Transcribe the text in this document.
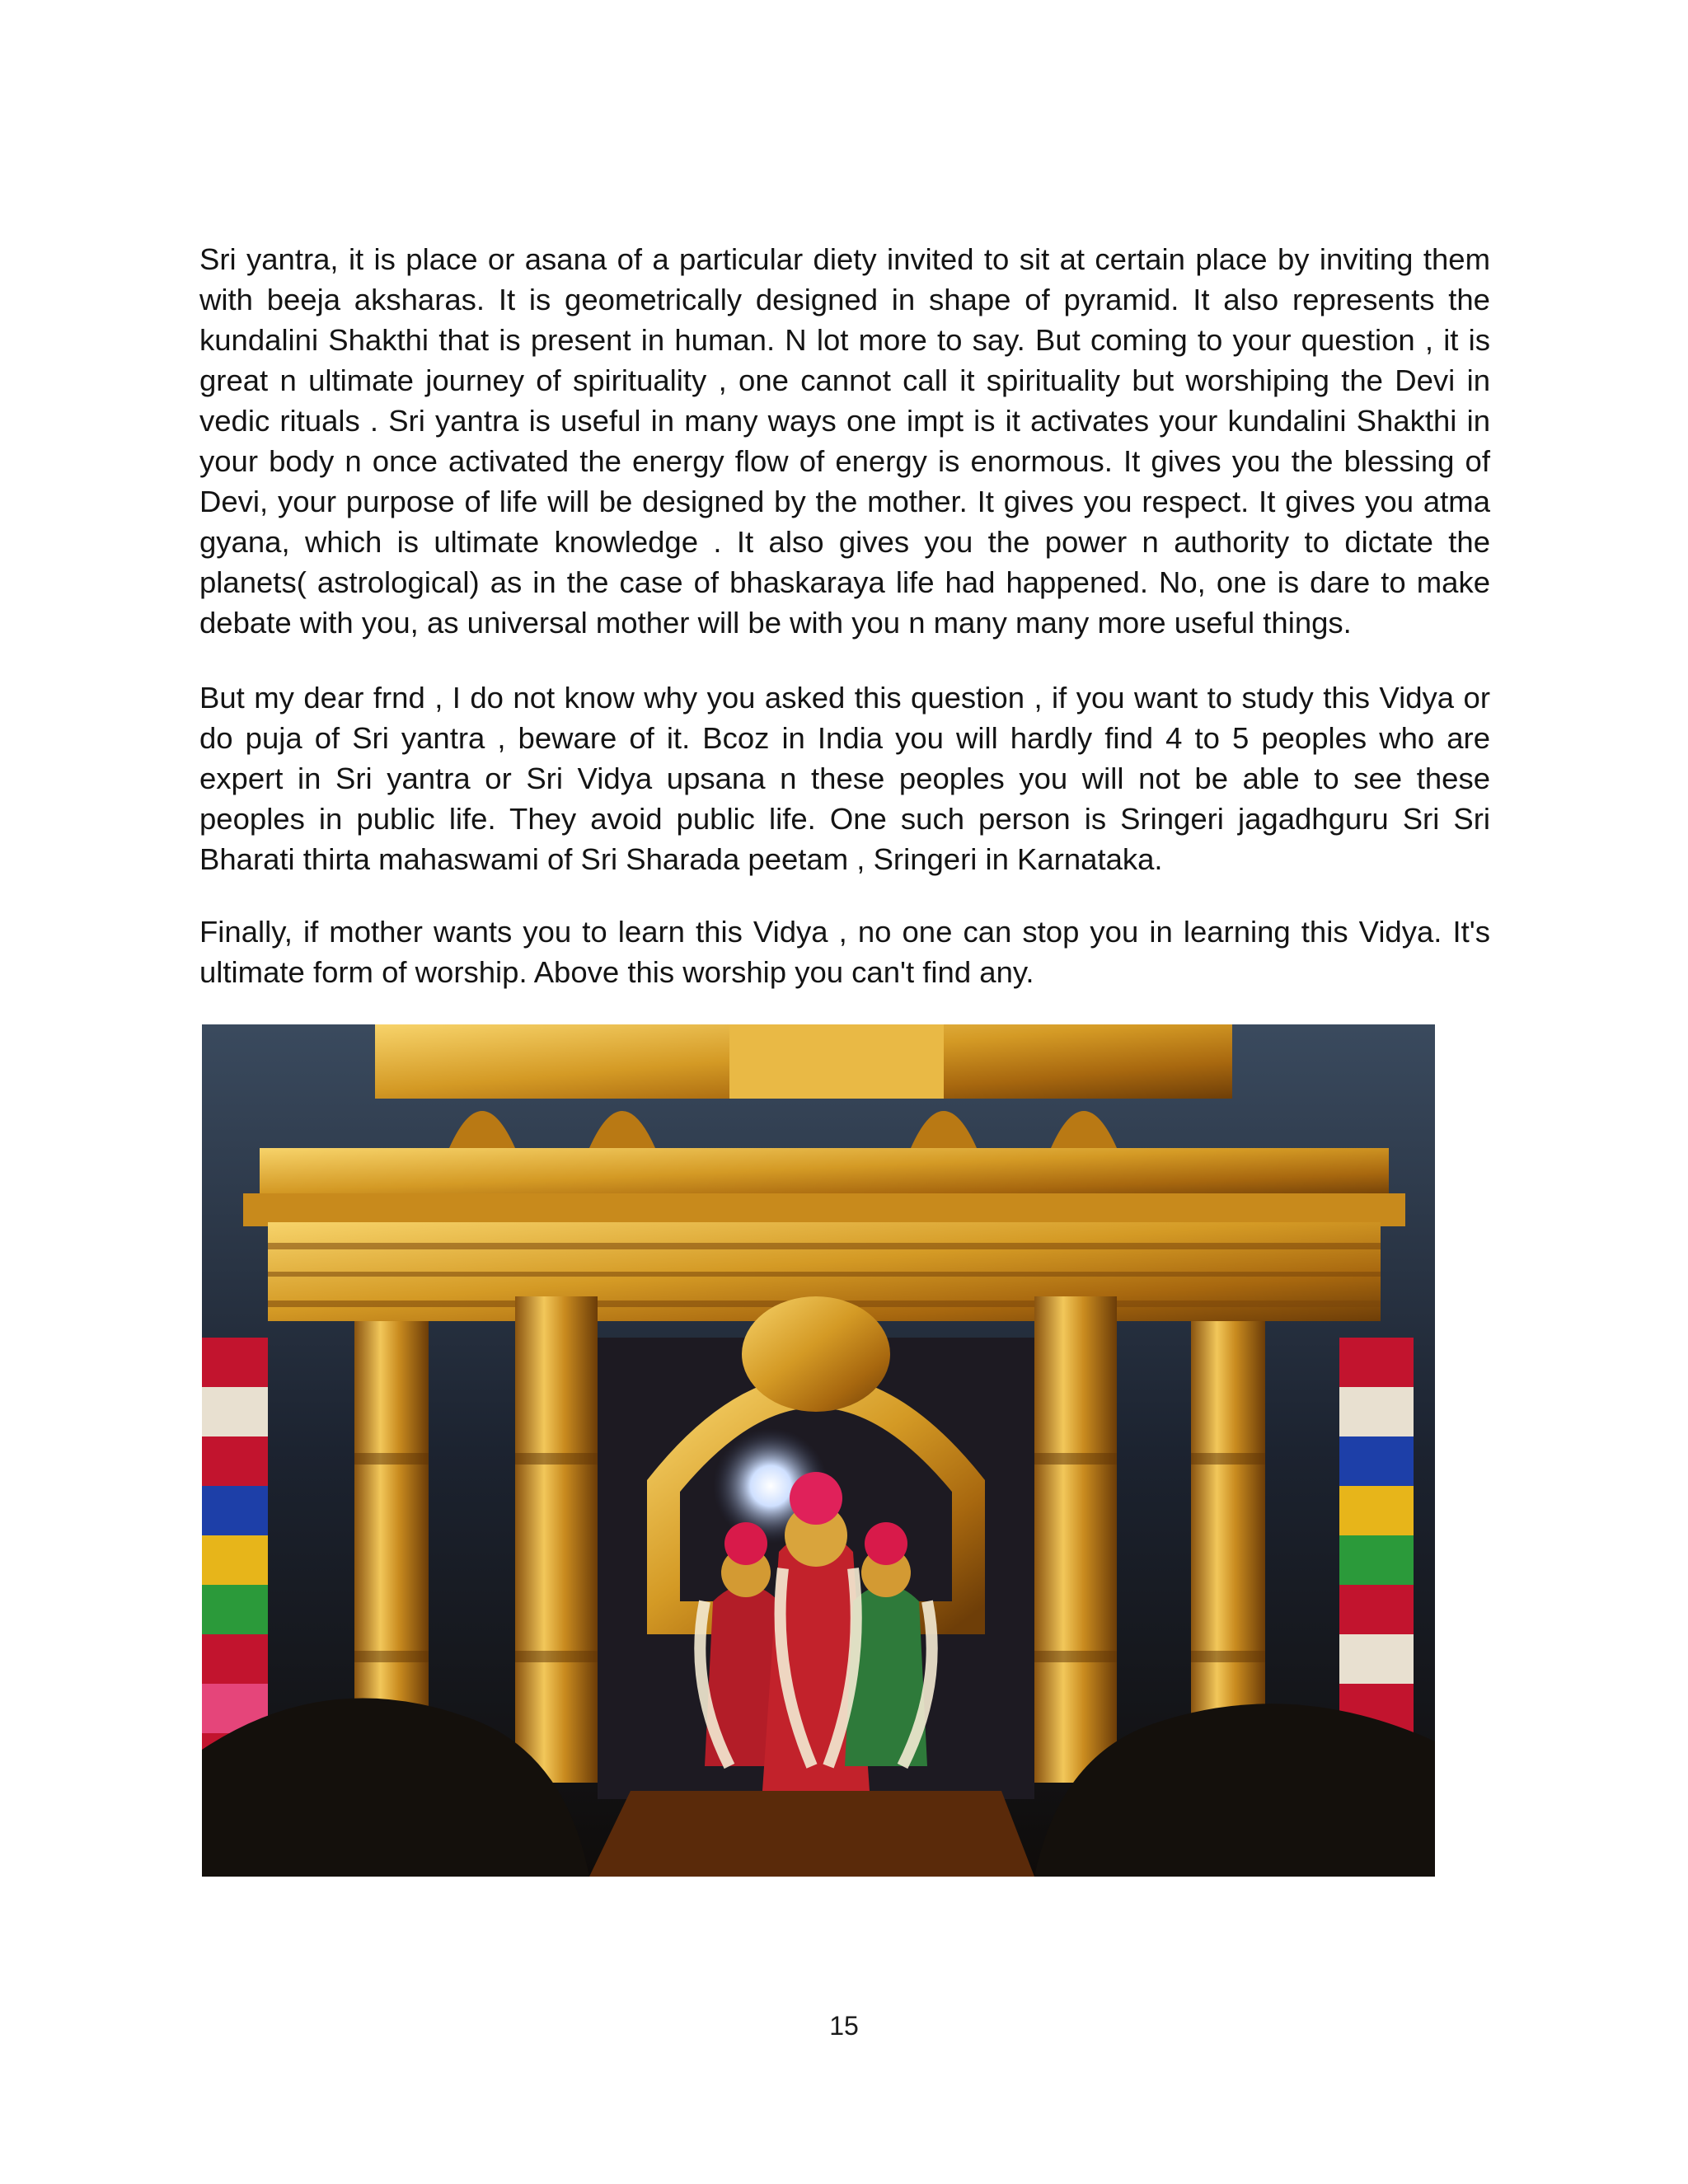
Sri yantra, it is place or asana of a particular diety invited to sit at certain place by inviting them with beeja aksharas. It is geometrically designed in shape of pyramid. It also represents the kundalini Shakthi that is present in human. N lot more to say. But coming to your question , it is great n ultimate journey of spirituality , one cannot call it spirituality but worshiping the Devi in vedic rituals . Sri yantra is useful in many ways one impt is it activates your kundalini Shakthi in your body n once activated the energy flow of energy is enormous. It gives you the blessing of Devi, your purpose of life will be designed by the mother. It gives you respect. It gives you atma gyana, which is ultimate knowledge . It also gives you the power n authority to dictate the planets( astrological) as in the case of bhaskaraya life had happened. No, one is dare to make debate with you, as universal mother will be with you n many many more useful things.

But my dear frnd , I do not know why you asked this question , if you want to study this Vidya or do puja of Sri yantra , beware of it. Bcoz in India you will hardly find 4 to 5 peoples who are expert in Sri yantra or Sri Vidya upsana n these peoples you will not be able to see these peoples in public life. They avoid public life. One such person is Sringeri jagadhguru Sri Sri Bharati thirta mahaswami of Sri Sharada peetam , Sringeri in Karnataka.

Finally, if mother wants you to learn this Vidya , no one can stop you in learning this Vidya. It's ultimate form of worship. Above this worship you can't find any.

15
